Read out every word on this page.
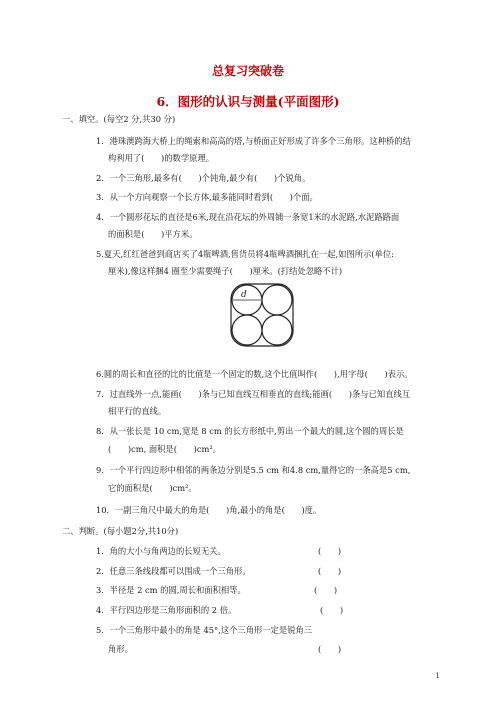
总复习突破卷
6．图形的认识与测量(平面图形)
一、填空。(每空2 分,共30 分)
1．港珠澳跨海大桥上的绳索和高高的塔,与桥面正好形成了许多个三角形。这种桥的结
构利用了(　　)的数学原理。
2．一个三角形,最多有(　　)个钝角,最少有(　　)个锐角。
3．从一个方向观察一个长方体,最多能同时看到(　　)个面。
4．一个圆形花坛的直径是6米,现在沿花坛的外周铺一条宽1米的水泥路,水泥路路面
的面积是(　　)平方米。
5.夏天,红红爸爸到商店买了4瓶啤酒,售货员将4瓶啤酒捆扎在一起,如图所示(单位:
厘米),像这样捆4 圈至少需要绳子(　　)厘米。(打结处忽略不计)
d
6.圆的周长和直径的比的比值是一个固定的数,这个比值叫作(　　),用字母(　　)表示。
7．过直线外一点,能画(　　)条与已知直线互相垂直的直线;能画(　　)条与已知直线互
相平行的直线。
8．从一张长是 10 cm,宽是 8 cm 的长方形纸中,剪出一个最大的圆,这个圆的周长是
(　　)cm, 面积是(　　)cm²。
9．一个平行四边形中相邻的两条边分别是5.5 cm 和4.8 cm,量得它的一条高是5 cm,
它的面积是(　　)cm²。
10．一副三角尺中最大的角是(　　)角,最小的角是(　　)度。
二、判断。(每小题2分,共10分)
1．角的大小与角两边的长短无关。	(　　)
2．任意三条线段都可以围成一个三角形。	(　　)
3．半径是 2 cm 的圆,周长和面积相等。	(　　)
4．平行四边形是三角形面积的 2 倍。	(　　)
5．一个三角形中最小的角是 45°,这个三角形一定是锐角三
角形。	(　　)
1
